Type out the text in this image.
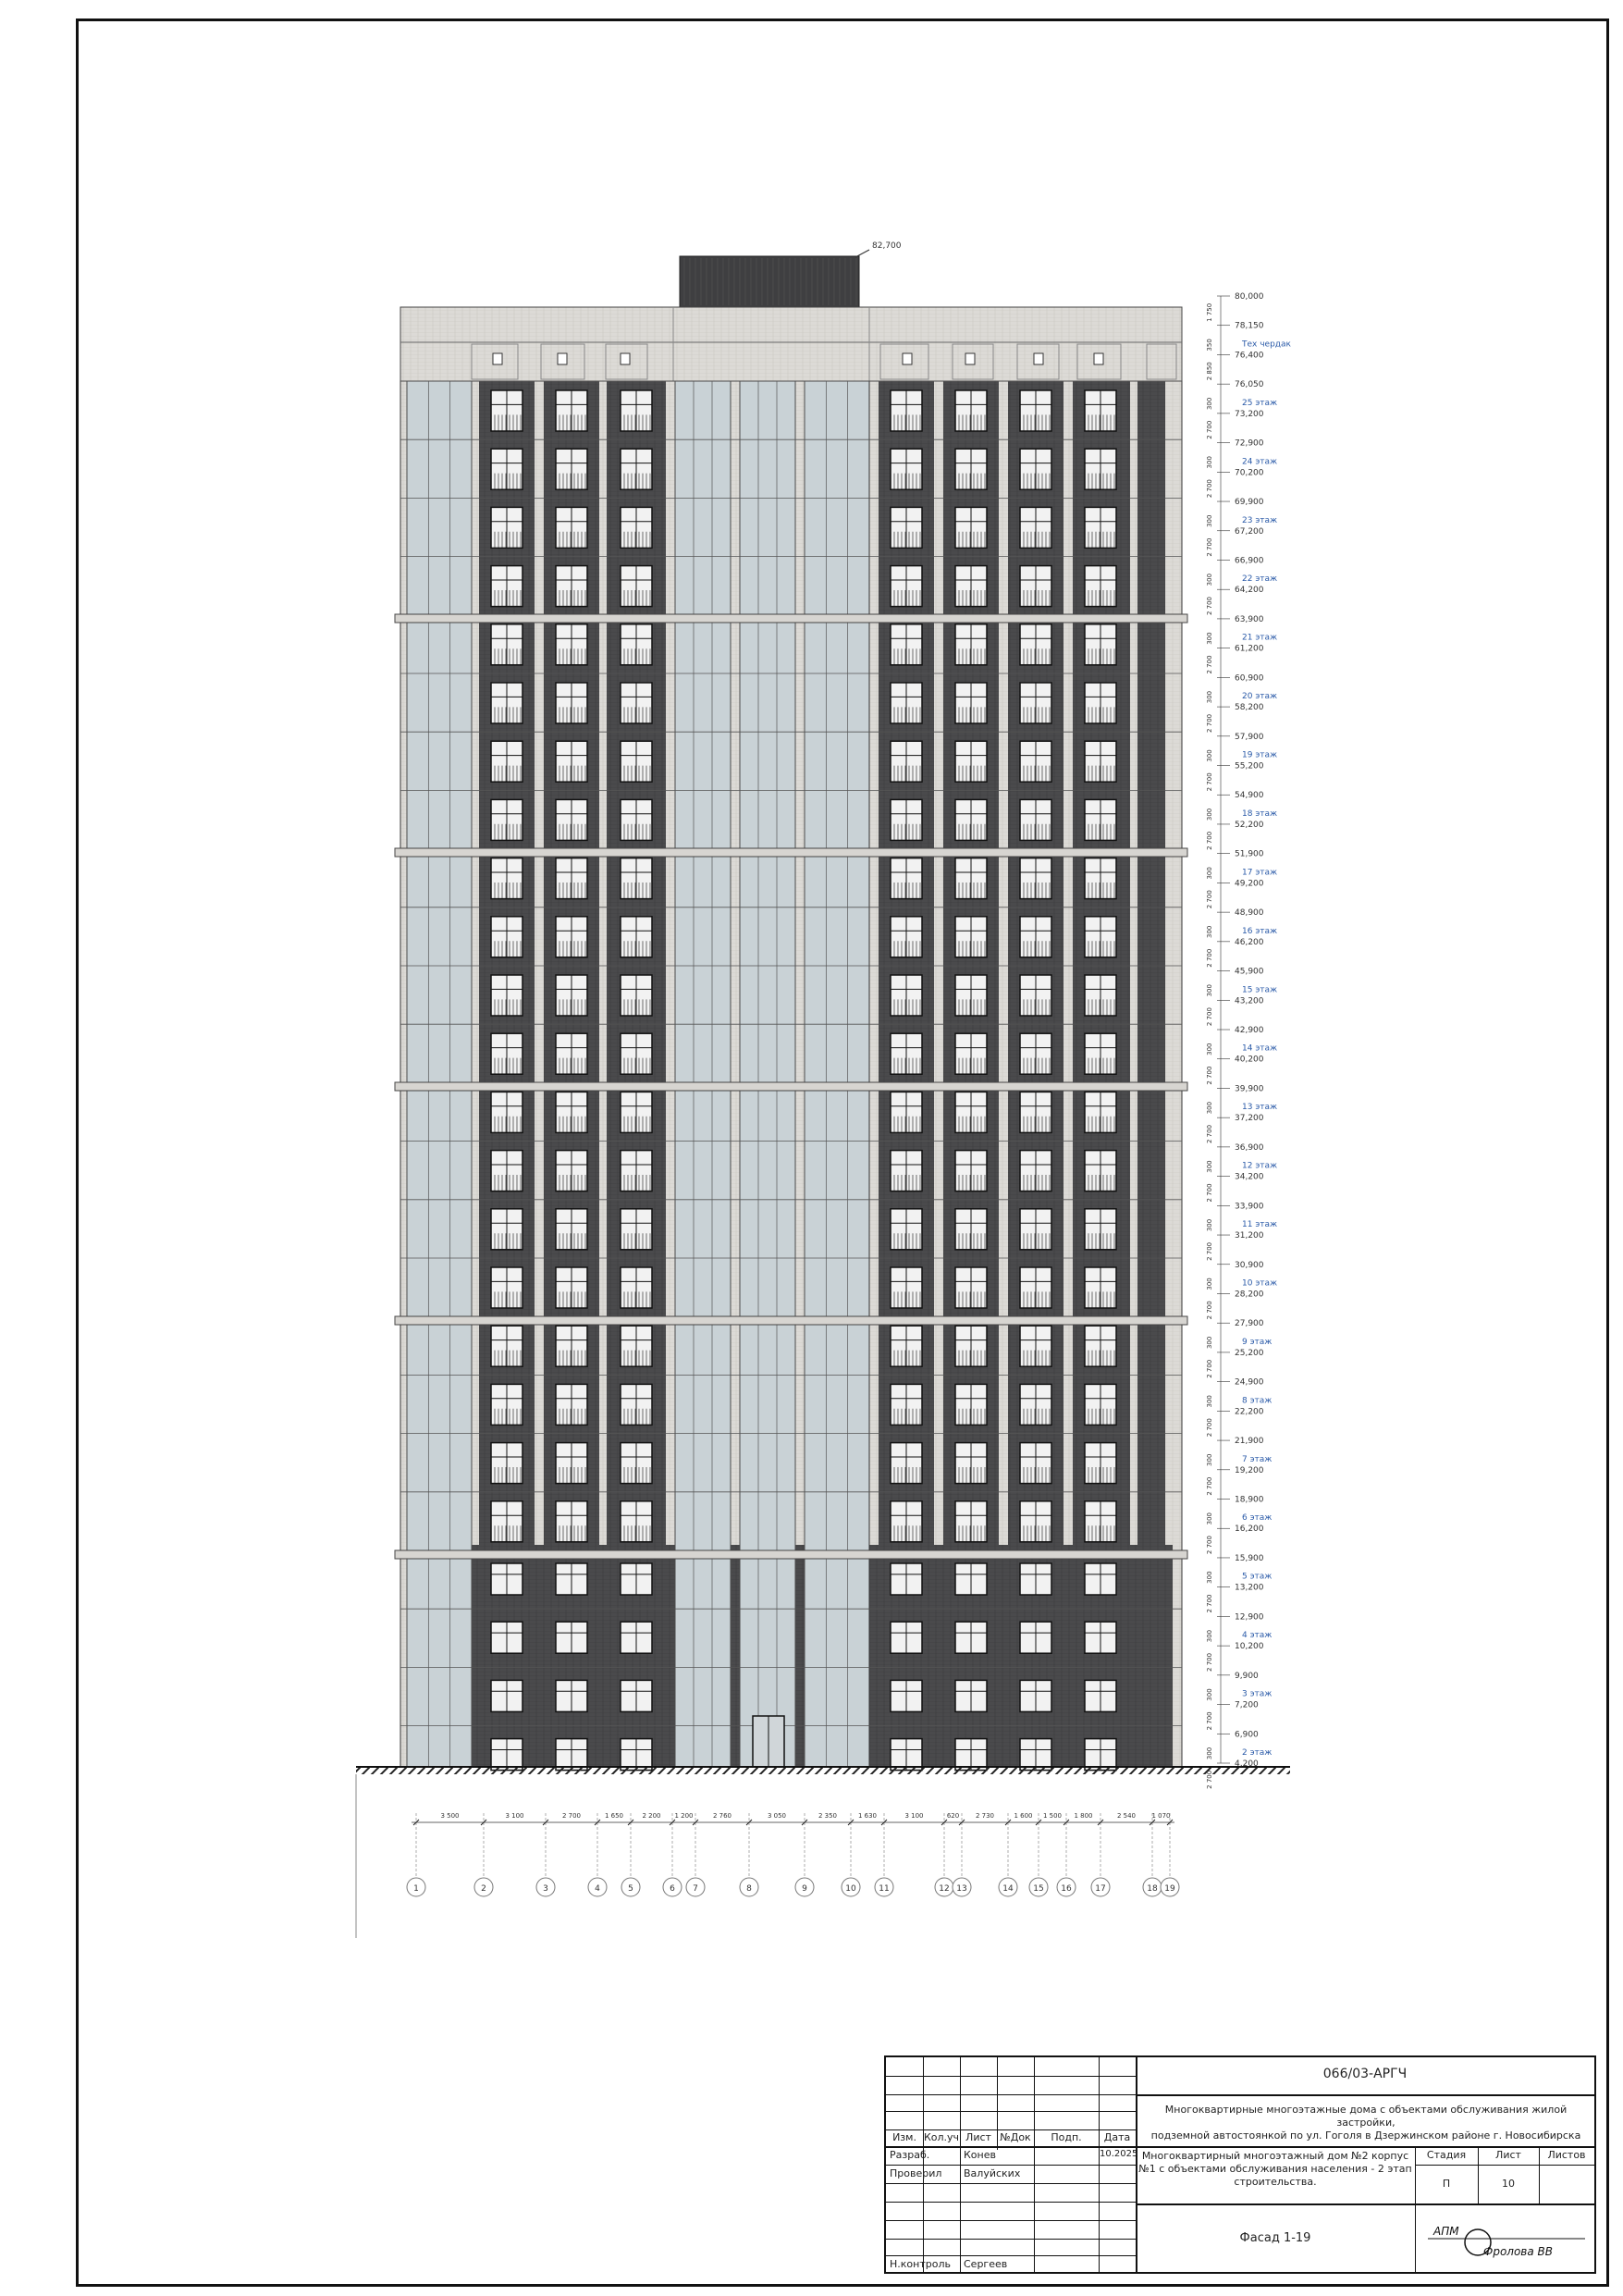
82,700
80,000
78,150
76,400
Тех чердак
76,050
73,200
25 этаж
72,900
70,200
24 этаж
69,900
67,200
23 этаж
66,900
64,200
22 этаж
63,900
61,200
21 этаж
60,900
58,200
20 этаж
57,900
55,200
19 этаж
54,900
52,200
18 этаж
51,900
49,200
17 этаж
48,900
46,200
16 этаж
45,900
43,200
15 этаж
42,900
40,200
14 этаж
39,900
37,200
13 этаж
36,900
34,200
12 этаж
33,900
31,200
11 этаж
30,900
28,200
10 этаж
27,900
25,200
9 этаж
24,900
22,200
8 этаж
21,900
19,200
7 этаж
18,900
16,200
6 этаж
15,900
13,200
5 этаж
12,900
10,200
4 этаж
9,900
7,200
3 этаж
6,900
4,200
2 этаж
1 750
350
2 850
300
2 700
300
2 700
300
2 700
300
2 700
300
2 700
300
2 700
300
2 700
300
2 700
300
2 700
300
2 700
300
2 700
300
2 700
300
2 700
300
2 700
300
2 700
300
2 700
300
2 700
300
2 700
300
2 700
300
2 700
300
2 700
300
2 700
300
2 700
300
2 700
1
3 500
2
3 100
3
2 700
4
1 650
5
2 200
6
1 200
7
2 760
8
3 050
9
2 350
10
1 630
11
3 100
12
620
13
2 730
14
1 600
15
1 500
16
1 800
17
2 540
18
1 070
19
Изм. Кол.уч Лист №Док	Подп.	Дата
Разраб.	Конев	10.2025
Проверил	Валуйских
Н.контроль	Сергеев
066/03-АРГЧ
Многоквартирные многоэтажные дома с объектами обслуживания жилой застройки,
подземной автостоянкой по ул. Гоголя в Дзержинском районе г. Новосибирска
Многоквартирный многоэтажный дом №2 корпус №1 с объектами обслуживания населения - 2 этап строительства.
Стадия	Лист	Листов
П	10
Фасад 1-19	АПМ
Фролова ВВ
